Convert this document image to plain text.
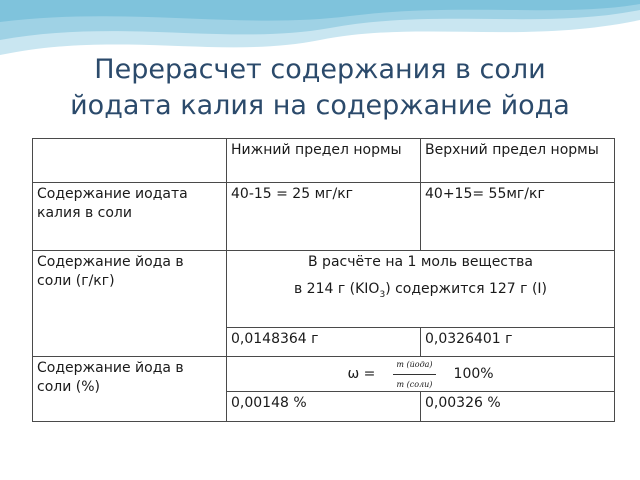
Перерасчет содержания в соли
йодата калия на содержание йода
	Нижний предел нормы	Верхний предел нормы
Содержание иодата калия в соли	40-15 = 25 мг/кг	40+15= 55мг/кг
Содержание йода в соли (г/кг)	В расчёте на 1 моль вещества
в 214 г $(KIO_3)$ содержится 127 г (I)	

	0,0148364 г	0,0326401 г
Содержание йода в соли (%)	$\omega = \frac{\text{m (йода)}}{\text{m (соли)}} 100\%$	

	0,00148 %	0,00326 %
